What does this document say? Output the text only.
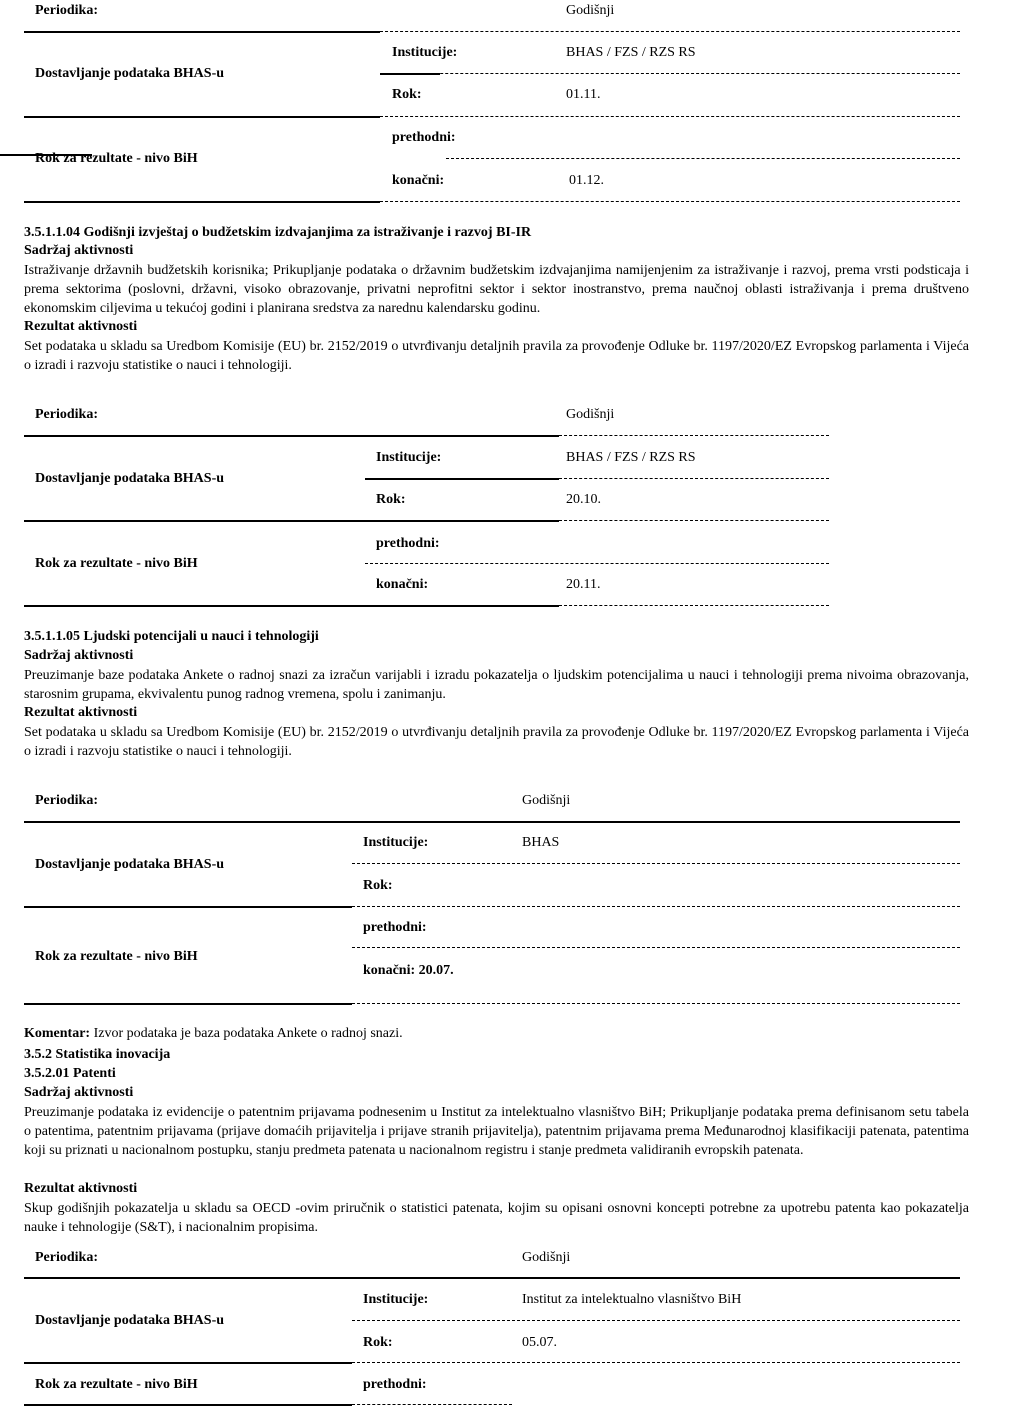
Periodika:	Godišnji
Dostavljanje podataka BHAS-u
Institucije:	BHAS / FZS / RZS RS
Rok:	01.11.
prethodni:
Rok za rezultate - nivo BiH
konačni:	01.12.
3.5.1.1.04 Godišnji izvještaj o budžetskim izdvajanjima za istraživanje i razvoj BI-IR
Sadržaj aktivnosti
Istraživanje državnih budžetskih korisnika; Prikupljanje podataka o državnim budžetskim izdvajanjima namijenjenim za istraživanje i razvoj, prema vrsti podsticaja i prema sektorima (poslovni, državni, visoko obrazovanje, privatni neprofitni sektor i sektor inostranstvo, prema naučnoj oblasti istraživanja i prema društveno ekonomskim ciljevima u tekućoj godini i planirana sredstva za narednu kalendarsku godinu.
Rezultat aktivnosti
Set podataka u skladu sa Uredbom Komisije (EU) br. 2152/2019 o utvrđivanju detaljnih pravila za provođenje Odluke br. 1197/2020/EZ Evropskog parlamenta i Vijeća o izradi i razvoju statistike o nauci i tehnologiji.
Periodika:	Godišnji
Dostavljanje podataka BHAS-u
Institucije:	BHAS / FZS / RZS RS
Rok:	20.10.
prethodni:
Rok za rezultate - nivo BiH
konačni:	20.11.
3.5.1.1.05 Ljudski potencijali u nauci i tehnologiji
Sadržaj aktivnosti
Preuzimanje baze podataka Ankete o radnoj snazi za izračun varijabli i izradu pokazatelja o ljudskim potencijalima u nauci i tehnologiji prema nivoima obrazovanja, starosnim grupama, ekvivalentu punog radnog vremena, spolu i zanimanju.
Rezultat aktivnosti
Set podataka u skladu sa Uredbom Komisije (EU) br. 2152/2019 o utvrđivanju detaljnih pravila za provođenje Odluke br. 1197/2020/EZ Evropskog parlamenta i Vijeća o izradi i razvoju statistike o nauci i tehnologiji.
Periodika:	Godišnji
Dostavljanje podataka BHAS-u
Institucije:	BHAS
Rok:
prethodni:
Rok za rezultate - nivo BiH
konačni: 20.07.
Komentar: Izvor podataka je baza podataka Ankete o radnoj snazi.
3.5.2 Statistika inovacija
3.5.2.01 Patenti
Sadržaj aktivnosti
Preuzimanje podataka iz evidencije o patentnim prijavama podnesenim u Institut za intelektualno vlasništvo BiH; Prikupljanje podataka prema definisanom setu tabela o patentima, patentnim prijavama (prijave domaćih prijavitelja i prijave stranih prijavitelja), patentnim prijavama prema Međunarodnoj klasifikaciji patenata, patentima koji su priznati u nacionalnom postupku, stanju predmeta patenata u nacionalnom registru i stanje predmeta validiranih evropskih patenata.
Rezultat aktivnosti
Skup godišnjih pokazatelja u skladu sa OECD -ovim priručnik o statistici patenata, kojim su opisani osnovni koncepti potrebne za upotrebu patenta kao pokazatelja nauke i tehnologije (S&T), i nacionalnim propisima.
Periodika:	Godišnji
Dostavljanje podataka BHAS-u
Institucije:	Institut za intelektualno vlasništvo BiH
Rok:	05.07.
prethodni:
Rok za rezultate - nivo BiH
